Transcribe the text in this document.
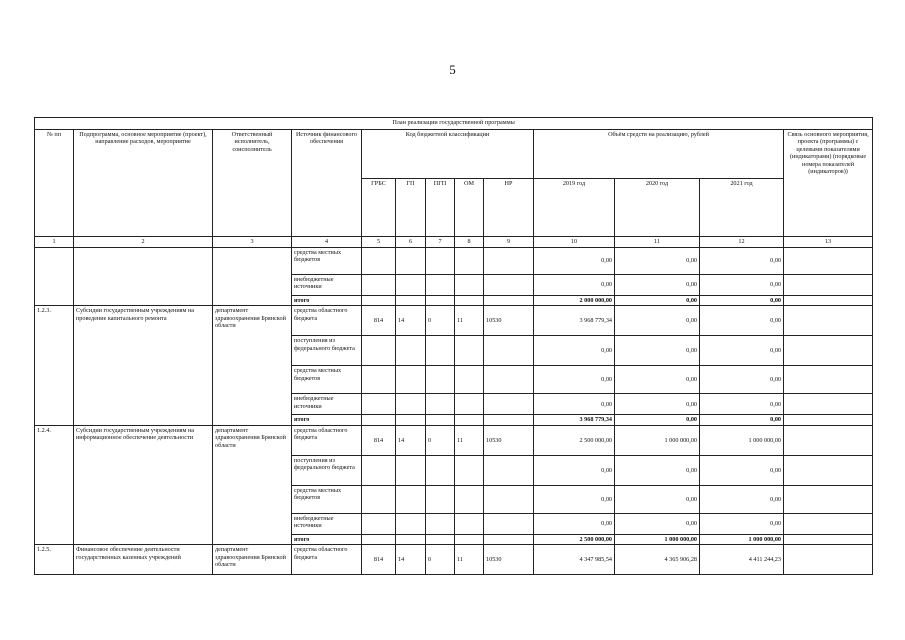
5
План реализации государственной программы												
№ пп	Подпрограмма, основное мероприятие (проект), направление расходов, мероприятие	Ответственный исполнитель, соисполнитель	Источник финансового обеспечения	Код бюджетной классификации					Объём средств на реализацию, рублей			Связь основного мероприятия, проекта (программы) с целевыми показателями (индикаторами) (порядковые номера показателей (индикаторов))
				ГРБС	ГП	ПГП	ОМ	НР	2019 год	2020 год	2021 год	
1	2	3	4	5	6	7	8	9	10	11	12	13
			средства местных бюджетов						0,00	0,00	0,00	
			внебюджетные источники						0,00	0,00	0,00	
			итого						2 000 000,00	0,00	0,00	
1.2.3.	Субсидии государственным учреждениям на проведение капитального ремонта	департамент здравоохранения Брянской области	средства областного бюджета	814	14	0	11	10530	3 968 779,34	0,00	0,00	
			поступления из федерального бюджета						0,00	0,00	0,00	
			средства местных бюджетов						0,00	0,00	0,00	
			внебюджетные источники						0,00	0,00	0,00	
			итого						3 968 779,34	0,00	0,00	
1.2.4.	Субсидии государственным учреждениям на информационное обеспечение деятельности	департамент здравоохранения Брянской области	средства областного бюджета	814	14	0	11	10530	2 500 000,00	1 000 000,00	1 000 000,00	
			поступления из федерального бюджета						0,00	0,00	0,00	
			средства местных бюджетов						0,00	0,00	0,00	
			внебюджетные источники						0,00	0,00	0,00	
			итого						2 500 000,00	1 000 000,00	1 000 000,00	
1.2.5.	Финансовое обеспечение деятельности государственных казенных учреждений	департамент здравоохранения Брянской области	средства областного бюджета	814	14	0	11	10530	4 347 985,54	4 365 906,28	4 411 244,23	
